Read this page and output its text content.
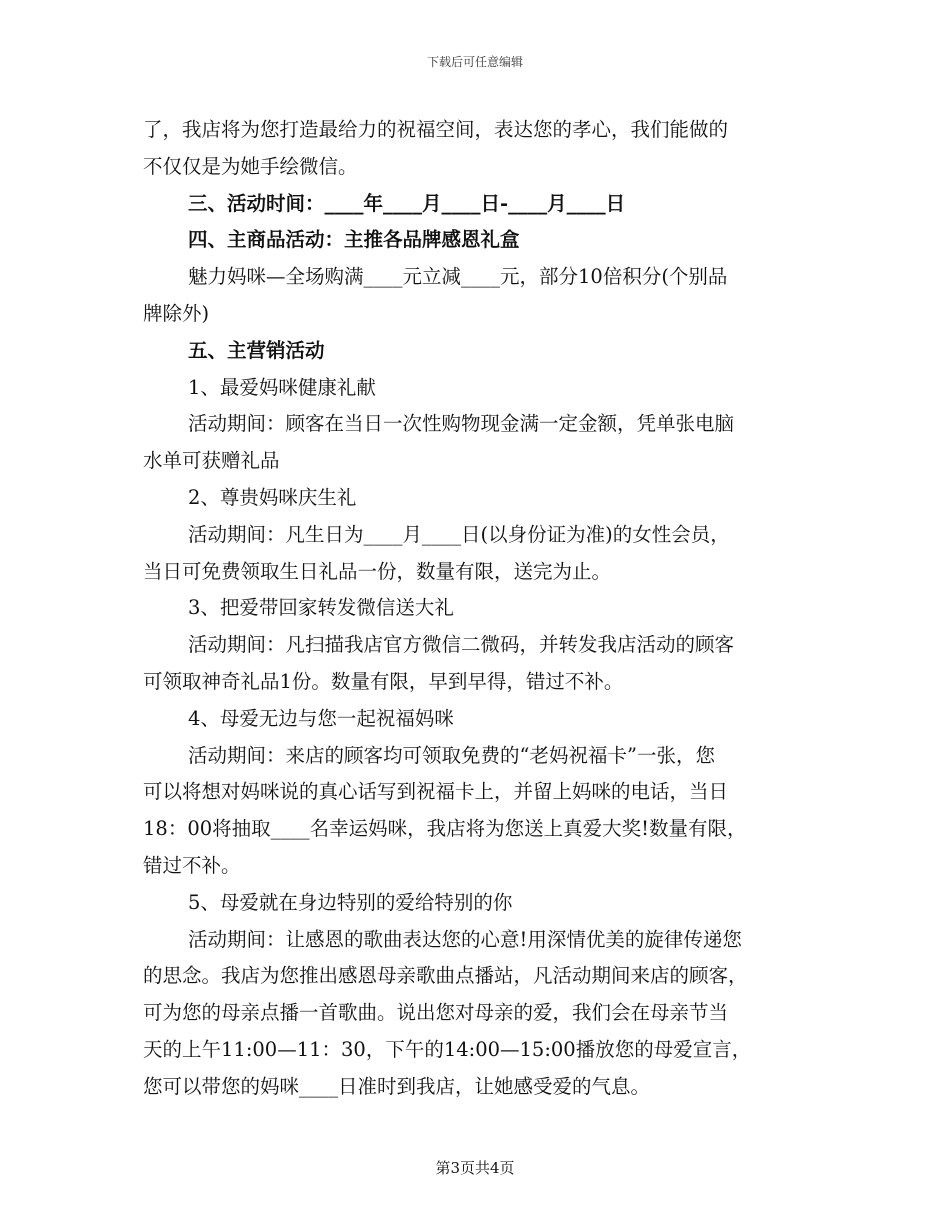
下载后可任意编辑

了，我店将为您打造最给力的祝福空间，表达您的孝心，我们能做的

不仅仅是为她手绘微信。

三、活动时间：____年____月____日-____月____日

四、主商品活动：主推各品牌感恩礼盒

魅力妈咪—全场购满____元立减____元，部分10倍积分(个别品

牌除外)

五、主营销活动

1、最爱妈咪健康礼献

活动期间：顾客在当日一次性购物现金满一定金额，凭单张电脑

水单可获赠礼品

2、尊贵妈咪庆生礼

活动期间：凡生日为____月____日(以身份证为准)的女性会员，

当日可免费领取生日礼品一份，数量有限，送完为止。

3、把爱带回家转发微信送大礼

活动期间：凡扫描我店官方微信二微码，并转发我店活动的顾客

可领取神奇礼品1份。数量有限，早到早得，错过不补。

4、母爱无边与您一起祝福妈咪

活动期间：来店的顾客均可领取免费的“老妈祝福卡”一张，您

可以将想对妈咪说的真心话写到祝福卡上，并留上妈咪的电话，当日

18：00将抽取____名幸运妈咪，我店将为您送上真爱大奖!数量有限，

错过不补。

5、母爱就在身边特别的爱给特别的你

活动期间：让感恩的歌曲表达您的心意!用深情优美的旋律传递您

的思念。我店为您推出感恩母亲歌曲点播站，凡活动期间来店的顾客，

可为您的母亲点播一首歌曲。说出您对母亲的爱，我们会在母亲节当

天的上午11:00—11：30，下午的14:00—15:00播放您的母爱宣言，

您可以带您的妈咪____日准时到我店，让她感受爱的气息。

第3页共4页
